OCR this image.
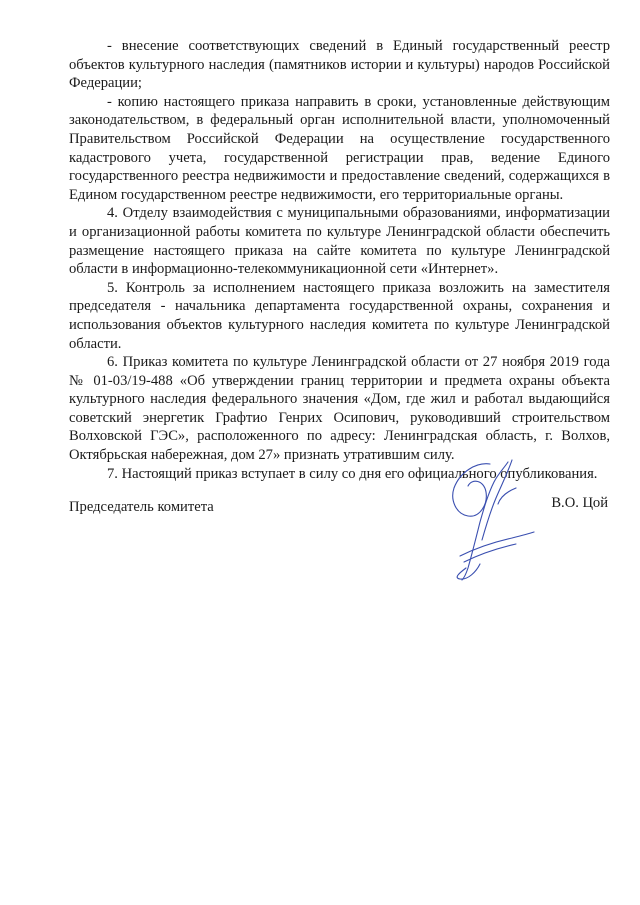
- внесение соответствующих сведений в Единый государственный реестр объектов культурного наследия (памятников истории и культуры) народов Российской Федерации;

- копию настоящего приказа направить в сроки, установленные действующим законодательством, в федеральный орган исполнительной власти, уполномоченный Правительством Российской Федерации на осуществление государственного кадастрового учета, государственной регистрации прав, ведение Единого государственного реестра недвижимости и предоставление сведений, содержащихся в Едином государственном реестре недвижимости, его территориальные органы.

4. Отделу взаимодействия с муниципальными образованиями, информатизации и организационной работы комитета по культуре Ленинградской области обеспечить размещение настоящего приказа на сайте комитета по культуре Ленинградской области в информационно-телекоммуникационной сети «Интернет».

5. Контроль за исполнением настоящего приказа возложить на заместителя председателя - начальника департамента государственной охраны, сохранения и использования объектов культурного наследия комитета по культуре Ленинградской области.

6. Приказ комитета по культуре Ленинградской области от 27 ноября 2019 года № 01-03/19-488 «Об утверждении границ территории и предмета охраны объекта культурного наследия федерального значения «Дом, где жил и работал выдающийся советский энергетик Графтио Генрих Осипович, руководивший строительством Волховской ГЭС», расположенного по адресу: Ленинградская область, г. Волхов, Октябрьская набережная, дом 27» признать утратившим силу.

7. Настоящий приказ вступает в силу со дня его официального опубликования.

Председатель комитета	В.О. Цой
